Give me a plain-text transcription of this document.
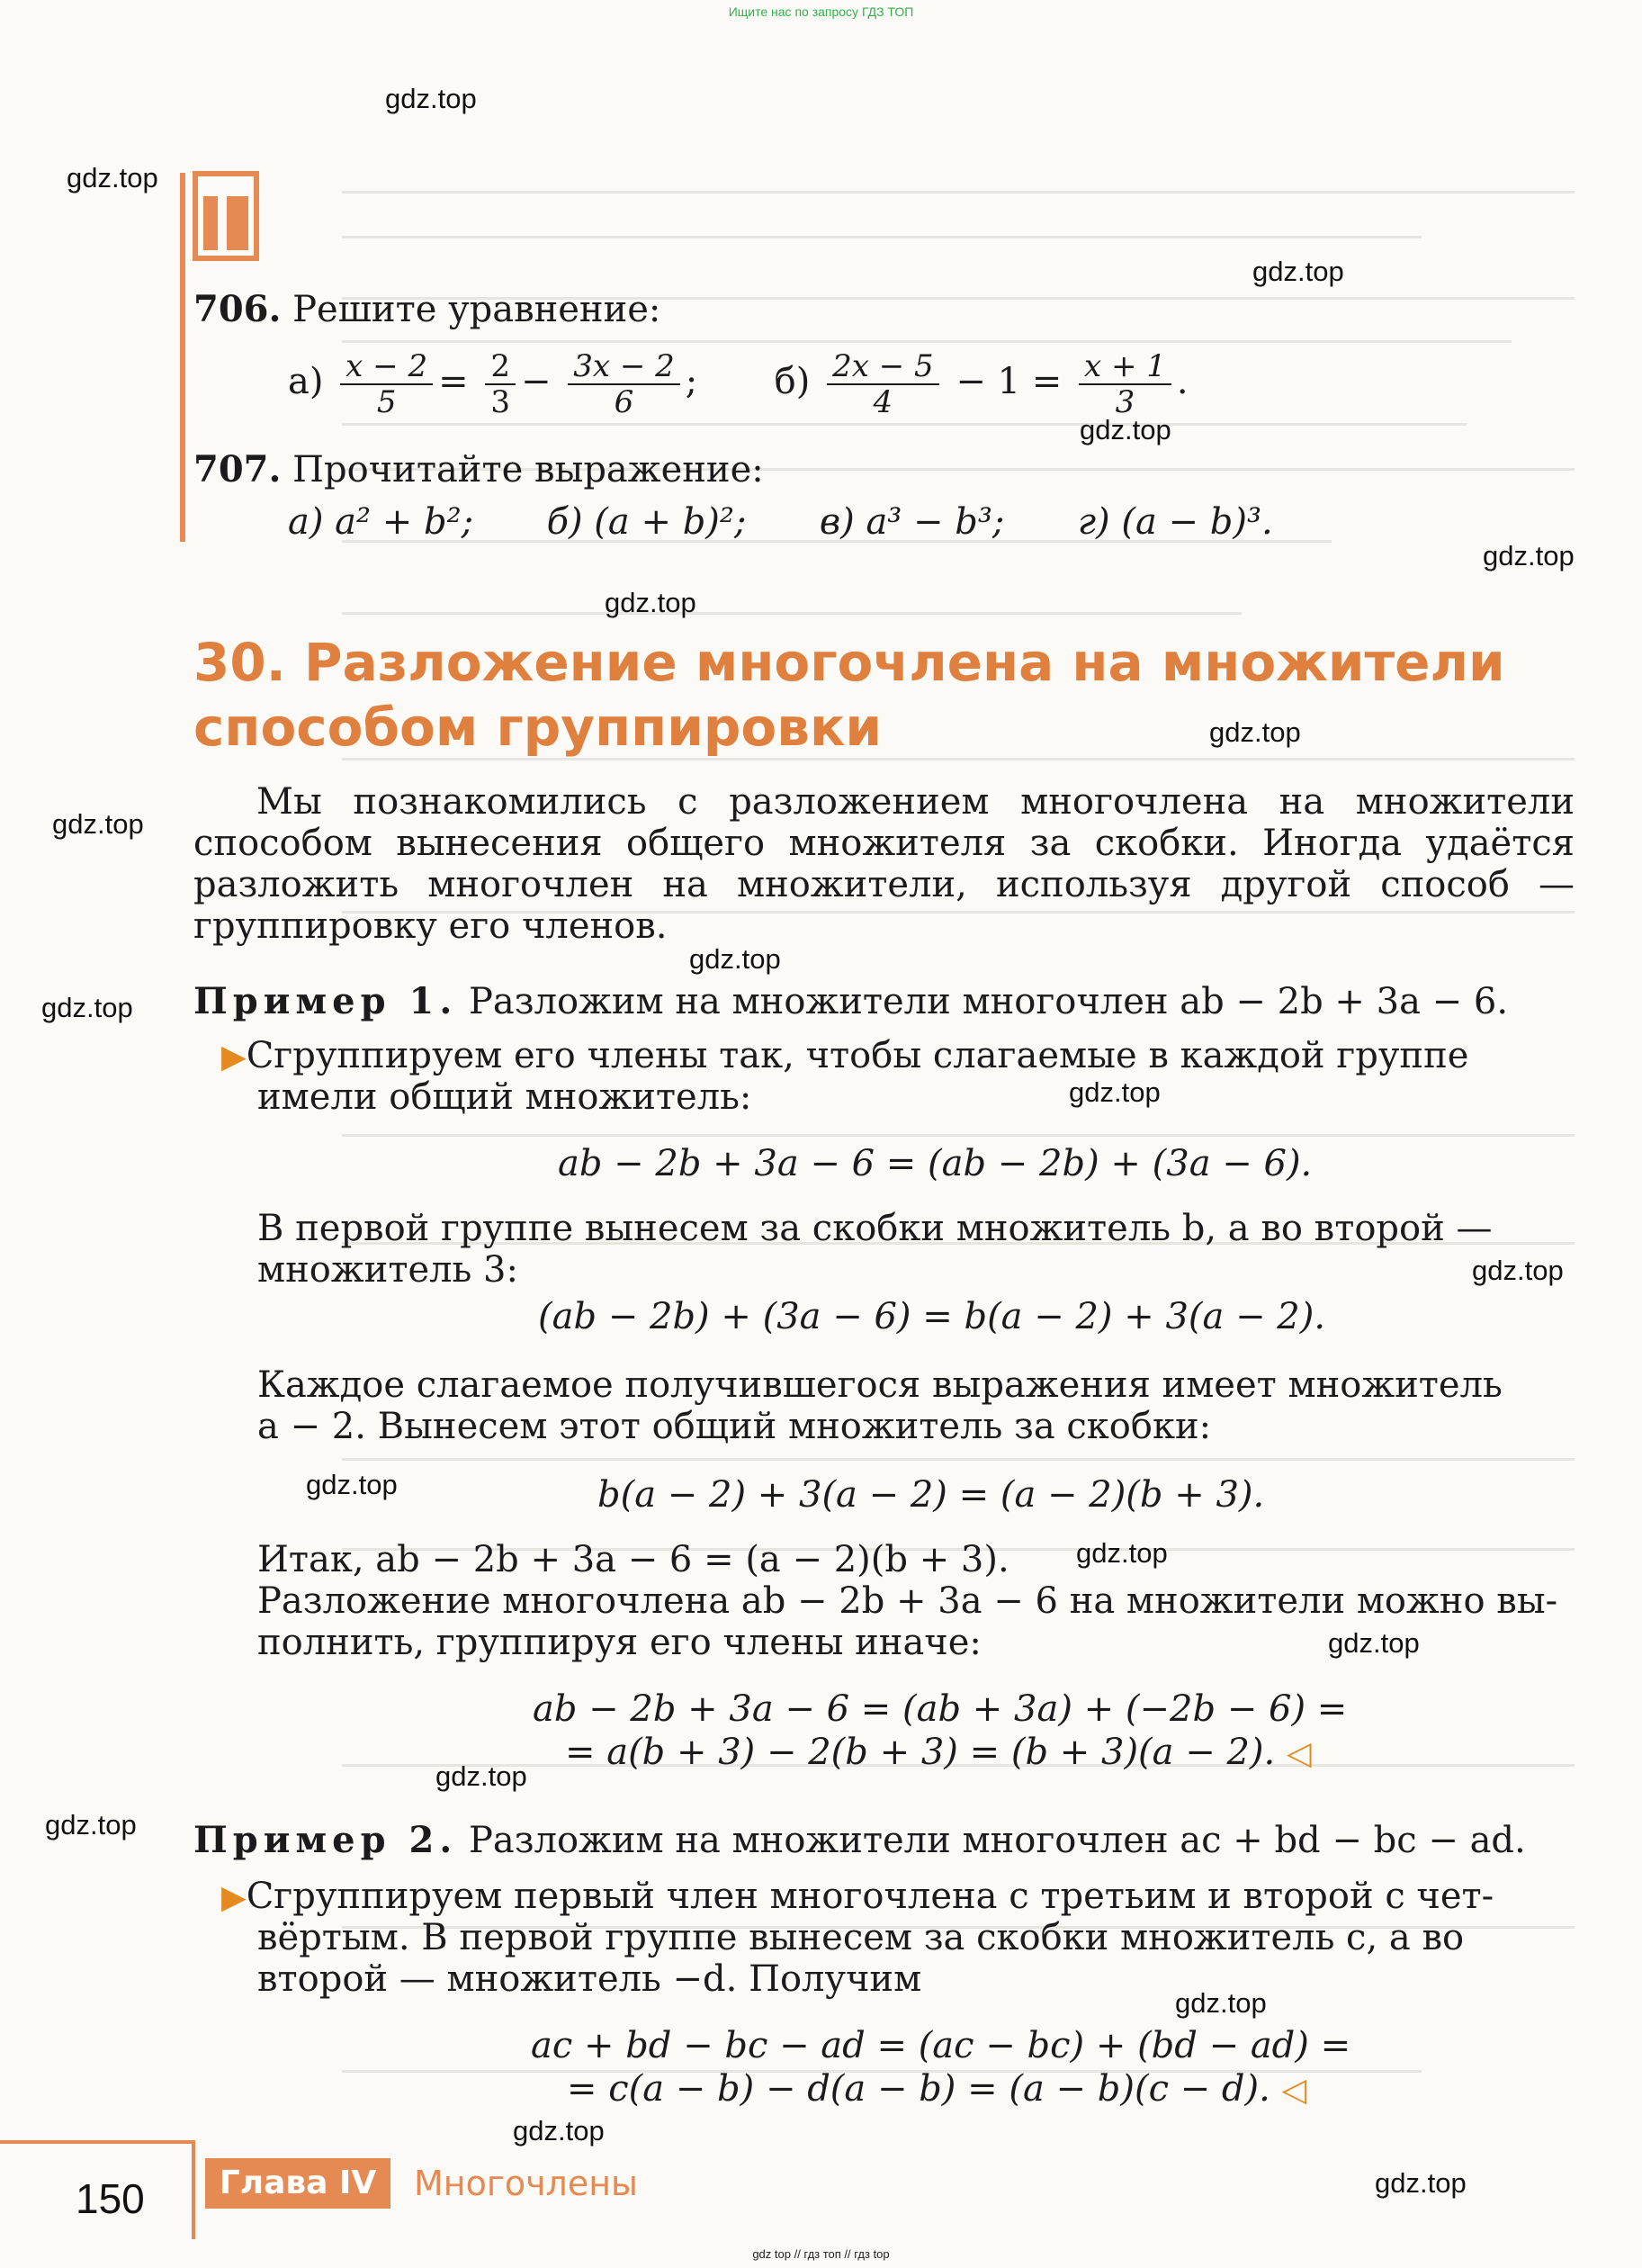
Ищите нас по запросу ГДЗ ТОП
gdz.top
gdz.top
gdz.top
gdz.top
gdz.top
gdz.top
gdz.top
gdz.top
gdz.top
gdz.top
gdz.top
gdz.top
gdz.top
gdz.top
gdz.top
gdz.top
gdz.top
gdz.top
gdz.top
gdz.top
706. Решите уравнение:
$а) \frac{x - 2}{5} = \frac{2}{3} - \frac{3x - 2}{6}$ ;  $б) \frac{2x - 5}{4} - 1 = \frac{x + 1}{3}$ .
707. Прочитайте выражение:
а) a² + b²; б) (a + b)²; в) a³ − b³; г) (a − b)³.
30. Разложение многочлена на множители
способом группировки

Мы познакомились с разложением многочлена на множители способом вынесения общего множителя за скобки. Иногда удаётся разложить многочлен на множители, используя другой способ — группировку его членов.

Пример 1. Разложим на множители многочлен ab − 2b + 3a − 6.
▶Сгруппируем его члены так, чтобы слагаемые в каждой группе
имели общий множитель:
ab − 2b + 3a − 6 = (ab − 2b) + (3a − 6).
В первой группе вынесем за скобки множитель b, а во второй —
множитель 3:
(ab − 2b) + (3a − 6) = b(a − 2) + 3(a − 2).
Каждое слагаемое получившегося выражения имеет множитель
a − 2. Вынесем этот общий множитель за скобки:
b(a − 2) + 3(a − 2) = (a − 2)(b + 3).
Итак, ab − 2b + 3a − 6 = (a − 2)(b + 3).
Разложение многочлена ab − 2b + 3a − 6 на множители можно вы-
полнить, группируя его члены иначе:
ab − 2b + 3a − 6 = (ab + 3a) + (−2b − 6) =
= a(b + 3) − 2(b + 3) = (b + 3)(a − 2). ◁
Пример 2. Разложим на множители многочлен ac + bd − bc − ad.
▶Сгруппируем первый член многочлена с третьим и второй с чет-
вёртым. В первой группе вынесем за скобки множитель c, а во
второй — множитель −d. Получим
ac + bd − bc − ad = (ac − bc) + (bd − ad) =
= c(a − b) − d(a − b) = (a − b)(c − d). ◁
150	Глава IV	Многочлены
gdz top // гдз топ // гдз top
